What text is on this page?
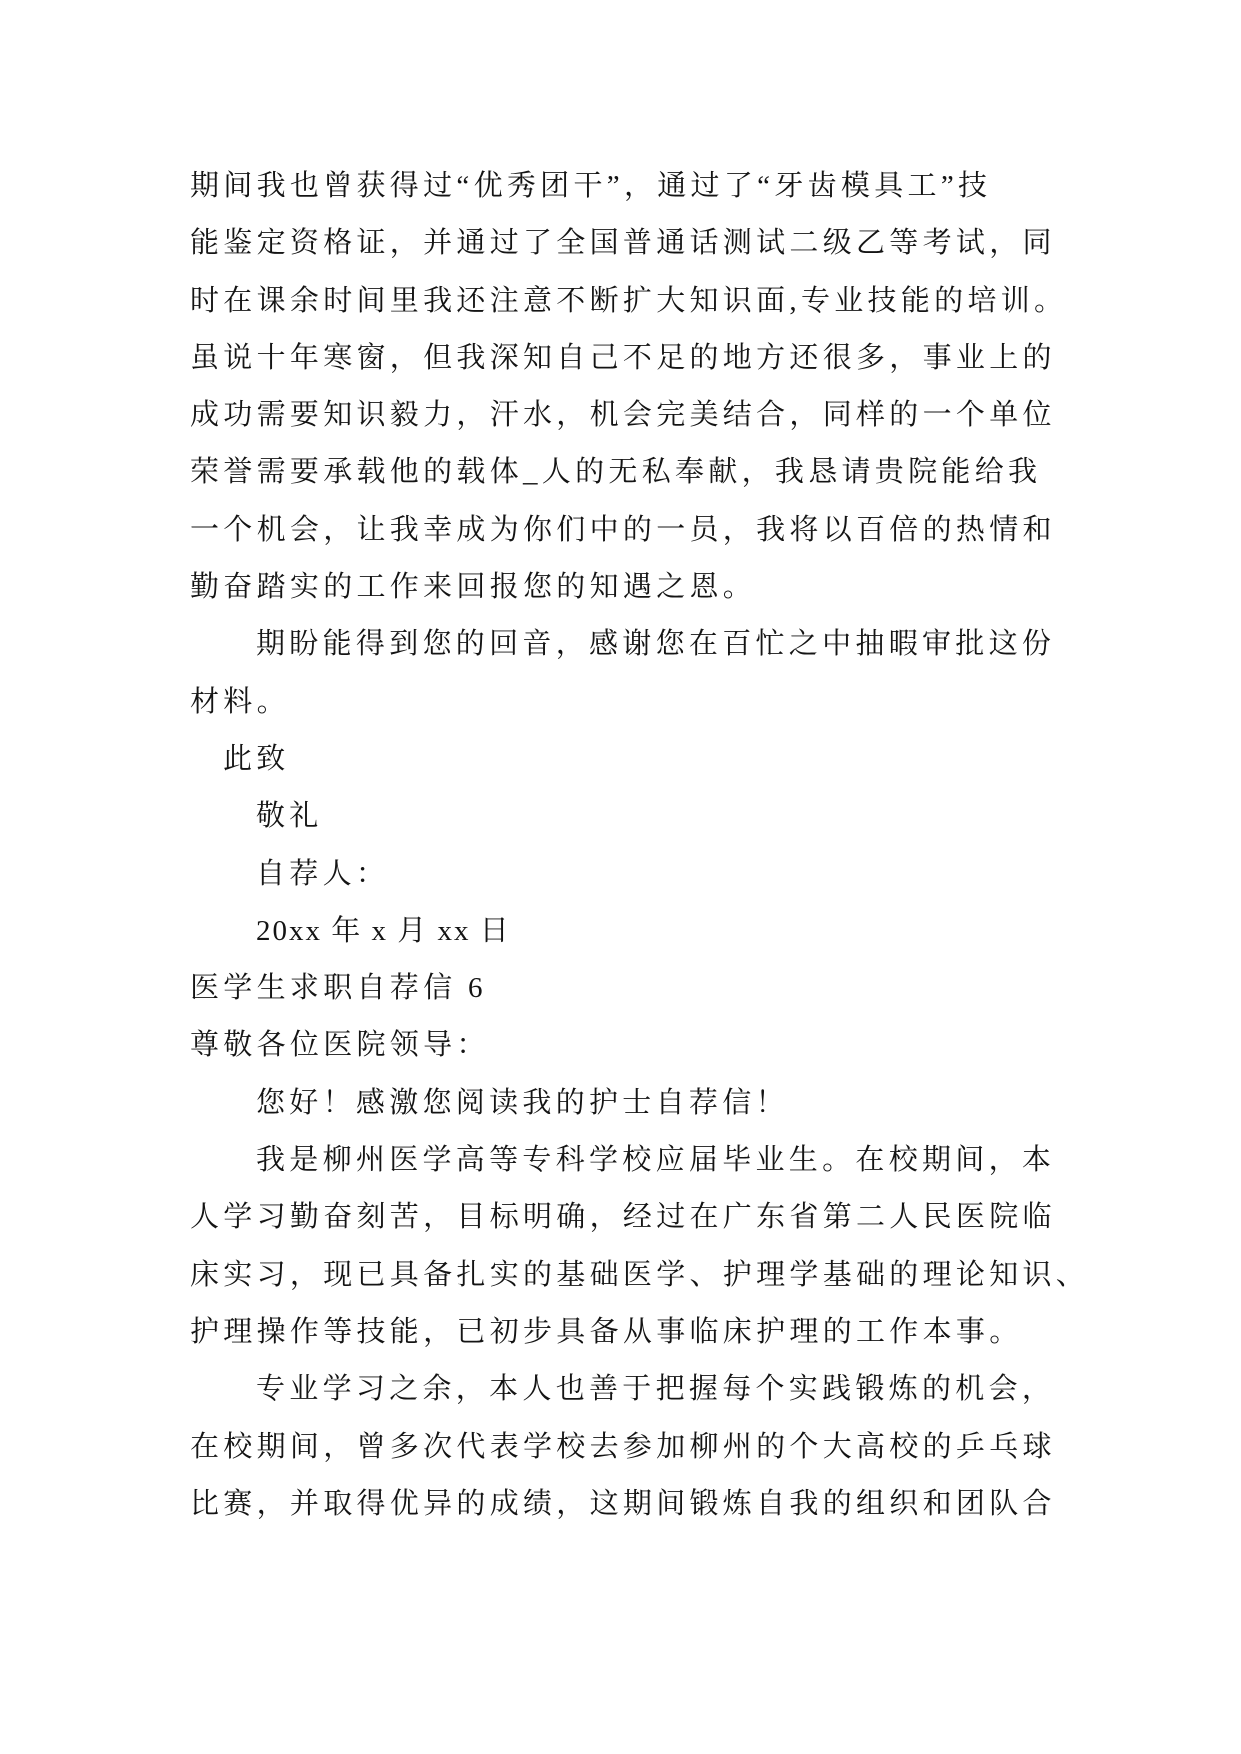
期间我也曾获得过“优秀团干”，通过了“牙齿模具工”技
能鉴定资格证，并通过了全国普通话测试二级乙等考试，同
时在课余时间里我还注意不断扩大知识面,专业技能的培训。
虽说十年寒窗，但我深知自己不足的地方还很多，事业上的
成功需要知识毅力，汗水，机会完美结合，同样的一个单位
荣誉需要承载他的载体_人的无私奉献，我恳请贵院能给我
一个机会，让我幸成为你们中的一员，我将以百倍的热情和
勤奋踏实的工作来回报您的知遇之恩。
期盼能得到您的回音，感谢您在百忙之中抽暇审批这份
材料。
此致
敬礼
自荐人：
20xx 年 x 月 xx 日
医学生求职自荐信 6
尊敬各位医院领导：
您好！感激您阅读我的护士自荐信！
我是柳州医学高等专科学校应届毕业生。在校期间，本
人学习勤奋刻苦，目标明确，经过在广东省第二人民医院临
床实习，现已具备扎实的基础医学、护理学基础的理论知识、
护理操作等技能，已初步具备从事临床护理的工作本事。
专业学习之余，本人也善于把握每个实践锻炼的机会，
在校期间，曾多次代表学校去参加柳州的个大高校的乒乓球
比赛，并取得优异的成绩，这期间锻炼自我的组织和团队合
